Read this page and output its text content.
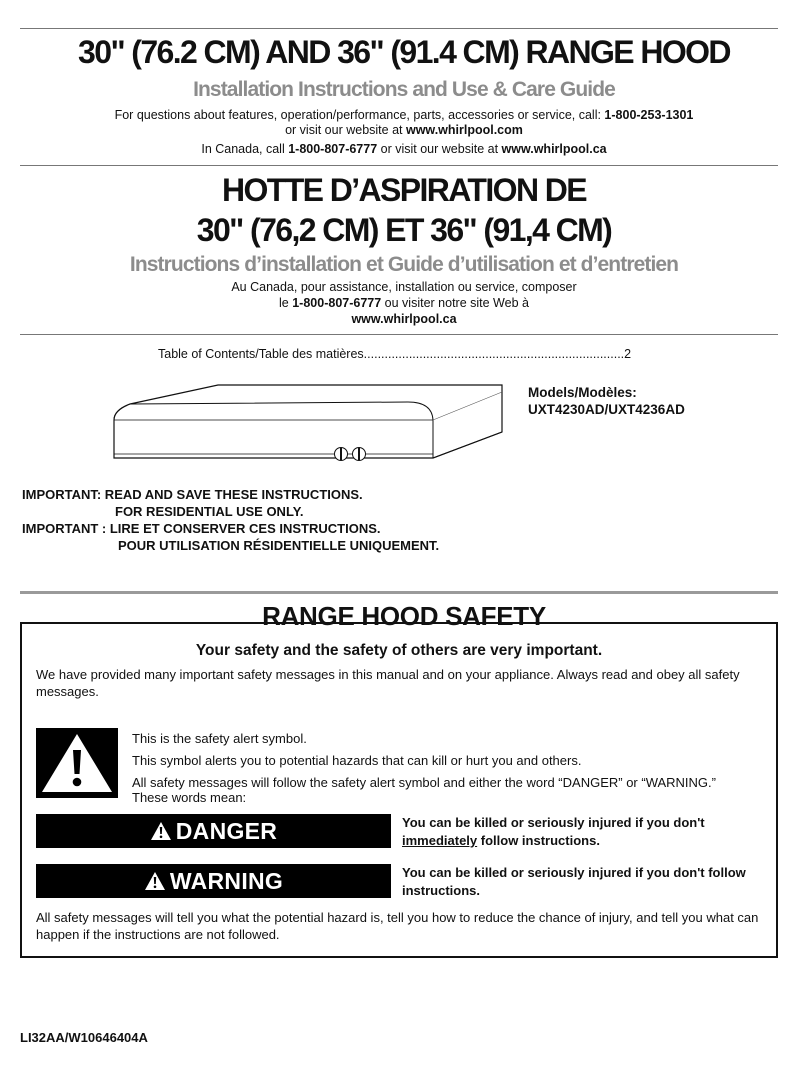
30" (76.2 CM) AND 36" (91.4 CM) RANGE HOOD
Installation Instructions and Use & Care Guide
For questions about features, operation/performance, parts, accessories or service, call: 1-800-253-1301
or visit our website at www.whirlpool.com
In Canada, call 1-800-807-6777 or visit our website at www.whirlpool.ca
HOTTE D’ASPIRATION DE
30" (76,2 CM) ET 36" (91,4 CM)
Instructions d’installation et Guide d’utilisation et d’entretien
Au Canada, pour assistance, installation ou service, composer
le 1-800-807-6777 ou visiter notre site Web à
www.whirlpool.ca
Table of Contents/Table des matières...........................................................................2
Models/Modèles:
UXT4230AD/UXT4236AD
IMPORTANT: READ AND SAVE THESE INSTRUCTIONS.
FOR RESIDENTIAL USE ONLY.
IMPORTANT : LIRE ET CONSERVER CES INSTRUCTIONS.
POUR UTILISATION RÉSIDENTIELLE UNIQUEMENT.
RANGE HOOD SAFETY
Your safety and the safety of others are very important.
We have provided many important safety messages in this manual and on your appliance. Always read and obey all safety messages.
This is the safety alert symbol.
This symbol alerts you to potential hazards that can kill or hurt you and others.
All safety messages will follow the safety alert symbol and either the word “DANGER” or “WARNING.”
These words mean:
DANGER	You can be killed or seriously injured if you don't immediately follow instructions.
WARNING	You can be killed or seriously injured if you don't follow instructions.
All safety messages will tell you what the potential hazard is, tell you how to reduce the chance of injury, and tell you what can happen if the instructions are not followed.
LI32AA/W10646404A
